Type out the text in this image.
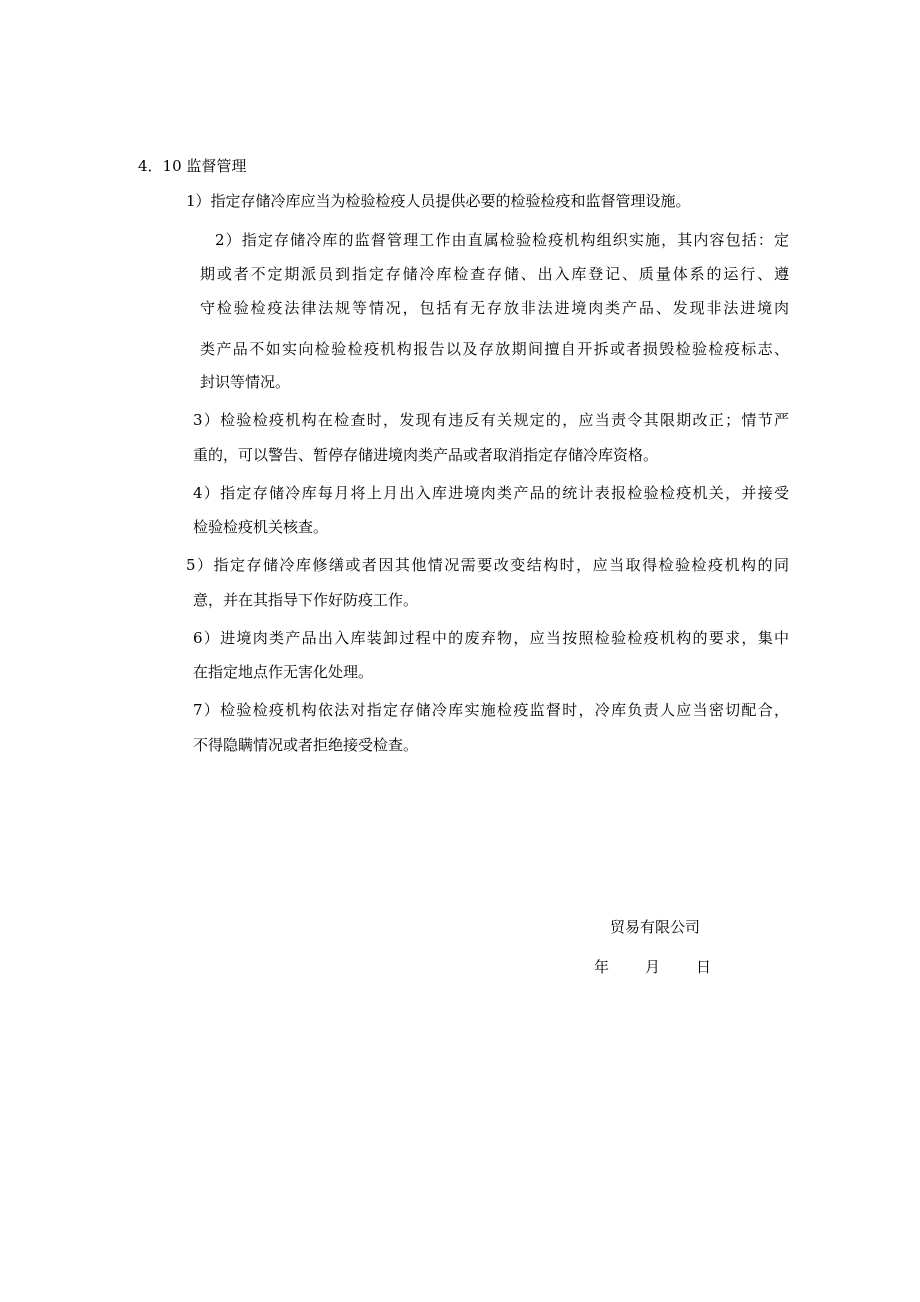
4．10 监督管理
1）指定存储冷库应当为检验检疫人员提供必要的检验检疫和监督管理设施。
2）指定存储冷库的监督管理工作由直属检验检疫机构组织实施，其内容包括：定
期或者不定期派员到指定存储冷库检查存储、出入库登记、质量体系的运行、遵
守检验检疫法律法规等情况，包括有无存放非法进境肉类产品、发现非法进境肉
类产品不如实向检验检疫机构报告以及存放期间擅自开拆或者损毁检验检疫标志、
封识等情况。
3）检验检疫机构在检查时，发现有违反有关规定的，应当责令其限期改正；情节严
重的，可以警告、暂停存储进境肉类产品或者取消指定存储冷库资格。
4）指定存储冷库每月将上月出入库进境肉类产品的统计表报检验检疫机关，并接受
检验检疫机关核查。
5）指定存储冷库修缮或者因其他情况需要改变结构时，应当取得检验检疫机构的同
意，并在其指导下作好防疫工作。
6）进境肉类产品出入库装卸过程中的废弃物，应当按照检验检疫机构的要求，集中
在指定地点作无害化处理。
7）检验检疫机构依法对指定存储冷库实施检疫监督时，冷库负责人应当密切配合，
不得隐瞒情况或者拒绝接受检查。
贸易有限公司
年 月 日
